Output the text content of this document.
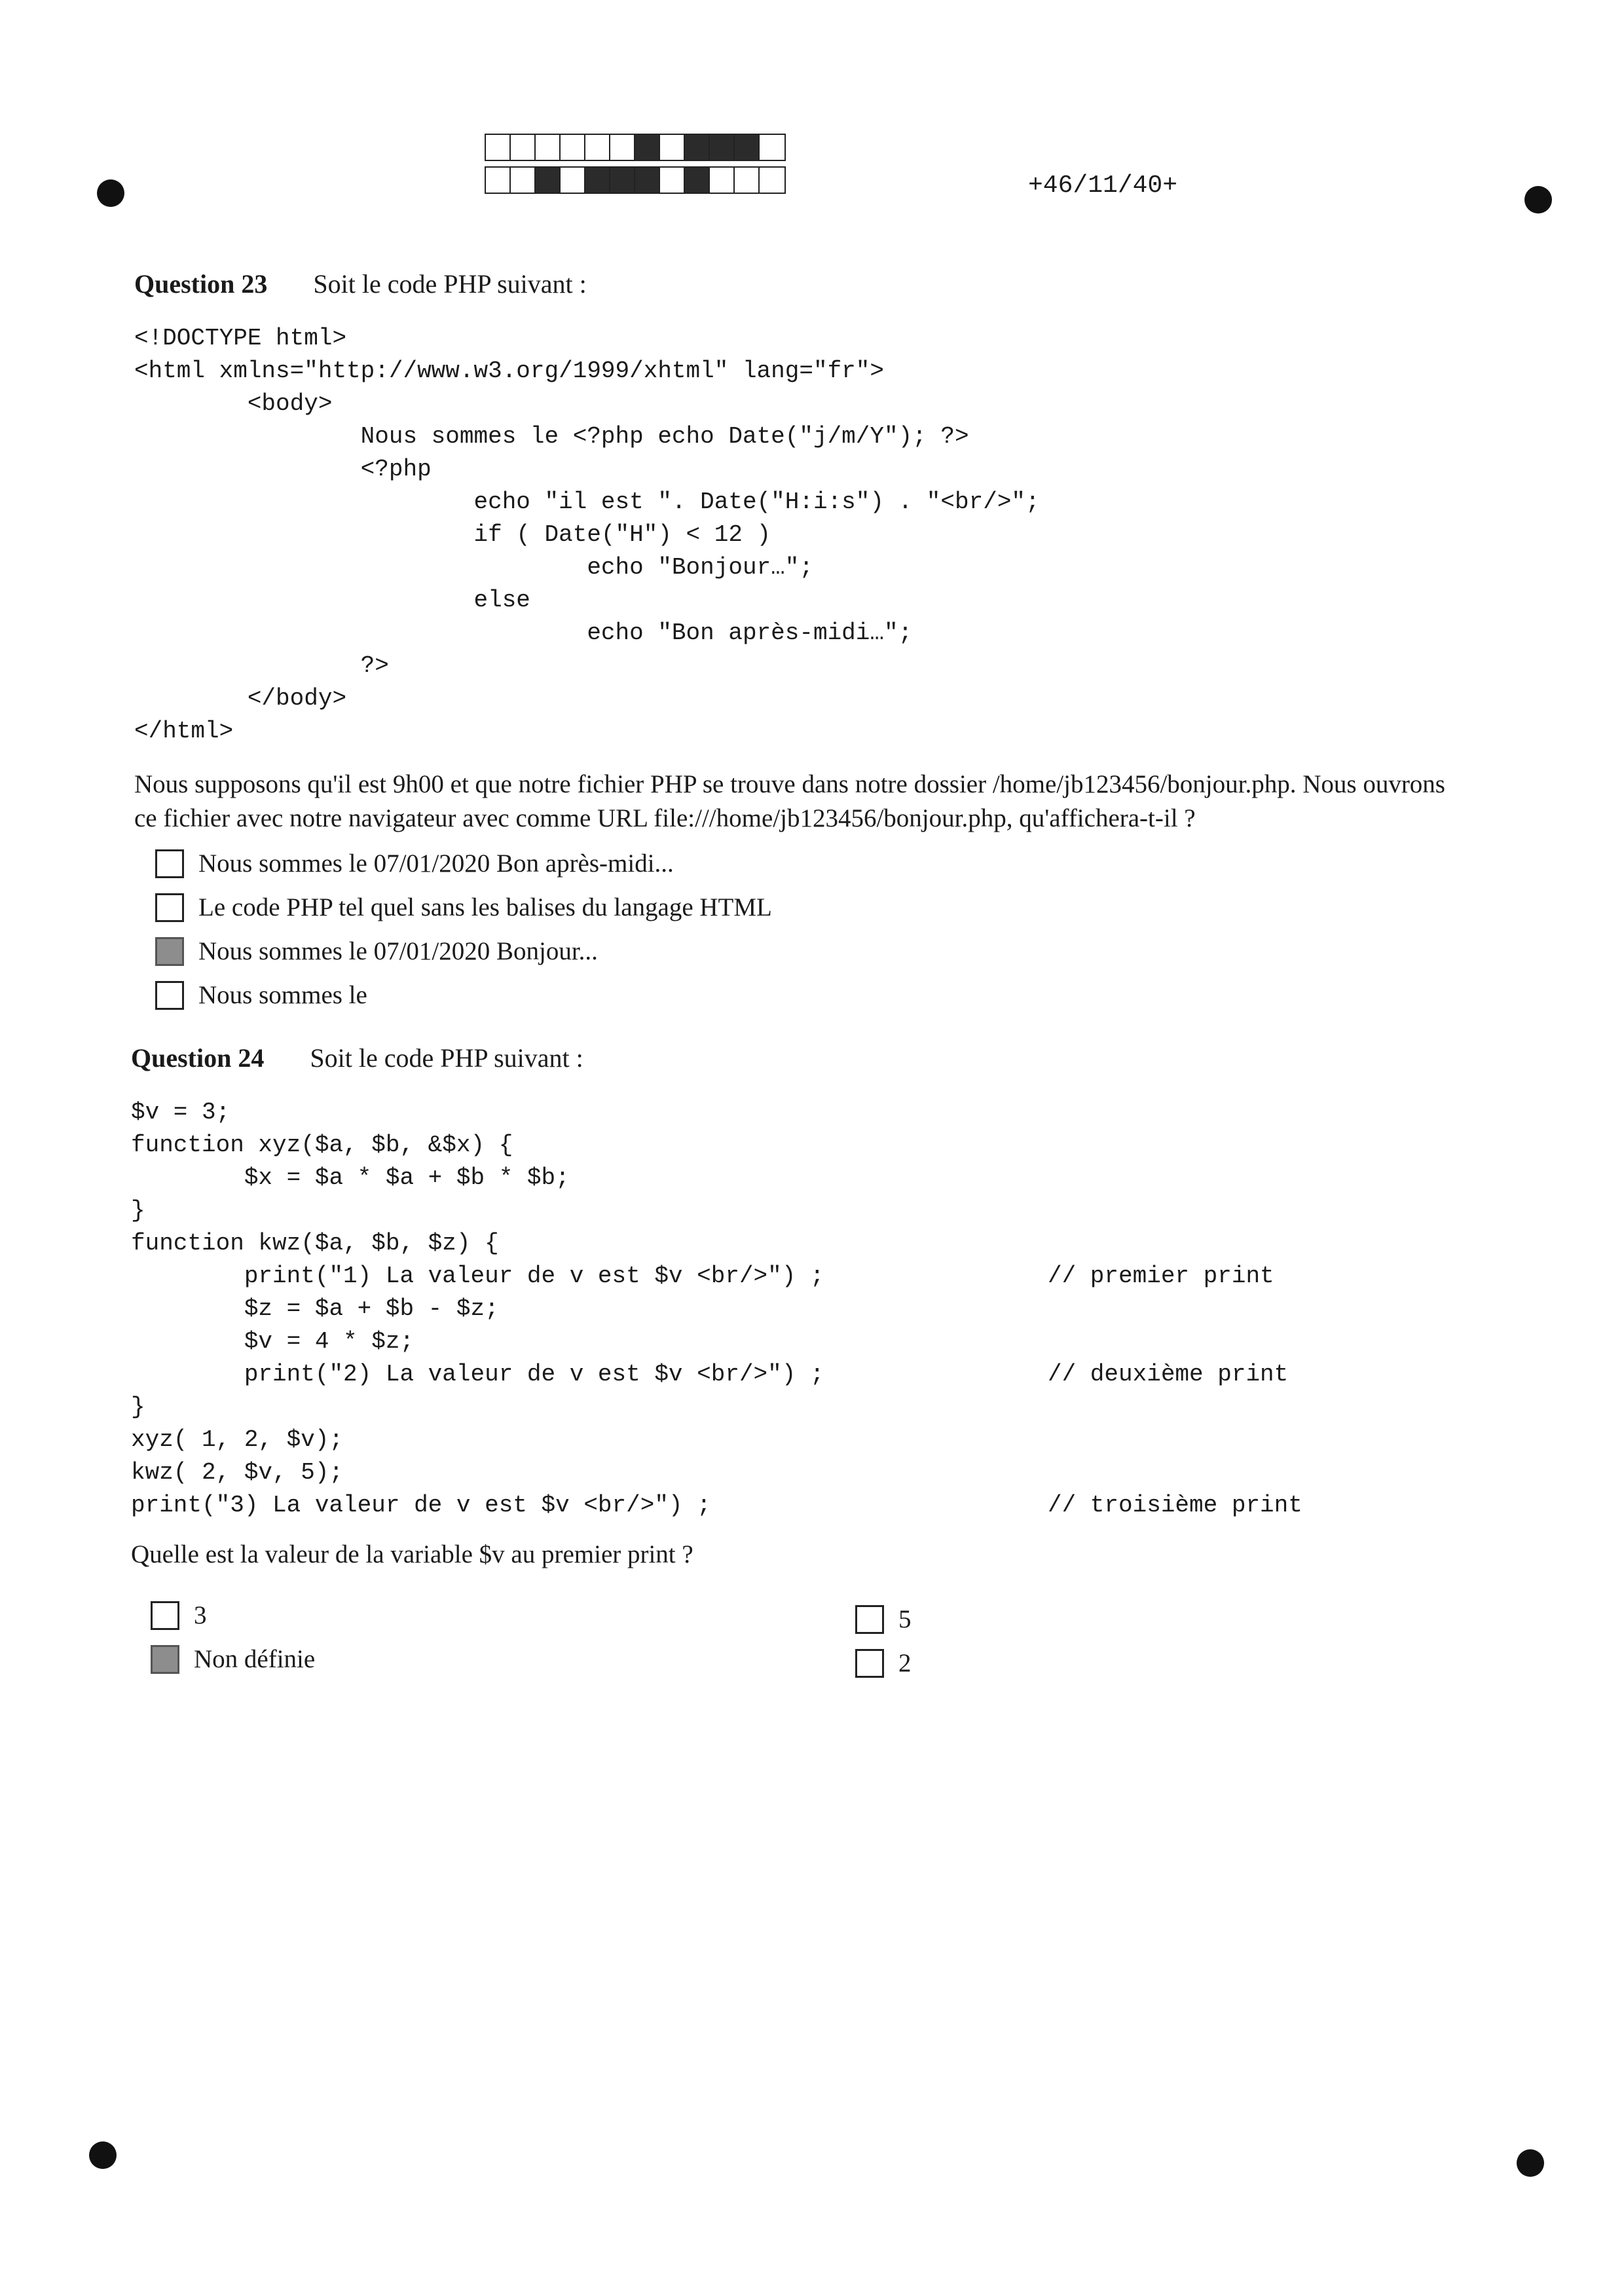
+46/11/40+
Question 23 Soit le code PHP suivant :
<!DOCTYPE html>
<html xmlns="http://www.w3.org/1999/xhtml" lang="fr">
<body>
Nous sommes le <?php echo Date("j/m/Y"); ?>
<?php
echo "il est ". Date("H:i:s") . "<br/>";
if ( Date("H") < 12 )
echo "Bonjour…";
else
echo "Bon après-midi…";
?>
</body>
</html>
Nous supposons qu'il est 9h00 et que notre fichier PHP se trouve dans notre dossier /home/jb123456/bonjour.php. Nous ouvrons
ce fichier avec notre navigateur avec comme URL file:///home/jb123456/bonjour.php, qu'affichera-t-il ?
Nous sommes le 07/01/2020 Bon après-midi...
Le code PHP tel quel sans les balises du langage HTML
Nous sommes le 07/01/2020 Bonjour...
Nous sommes le
Question 24 Soit le code PHP suivant :
$v = 3;
function xyz($a, $b, &$x) {
$x = $a * $a + $b * $b;
}
function kwz($a, $b, $z) {
print("1) La valeur de v est $v <br/>") ;
$z = $a + $b - $z;
$v = 4 * $z;
print("2) La valeur de v est $v <br/>") ;
}
xyz( 1, 2, $v);
kwz( 2, $v, 5);
print("3) La valeur de v est $v <br/>") ;
// premier print
// deuxième print
// troisième print
Quelle est la valeur de la variable $v au premier print ?
3
Non définie
5
2
